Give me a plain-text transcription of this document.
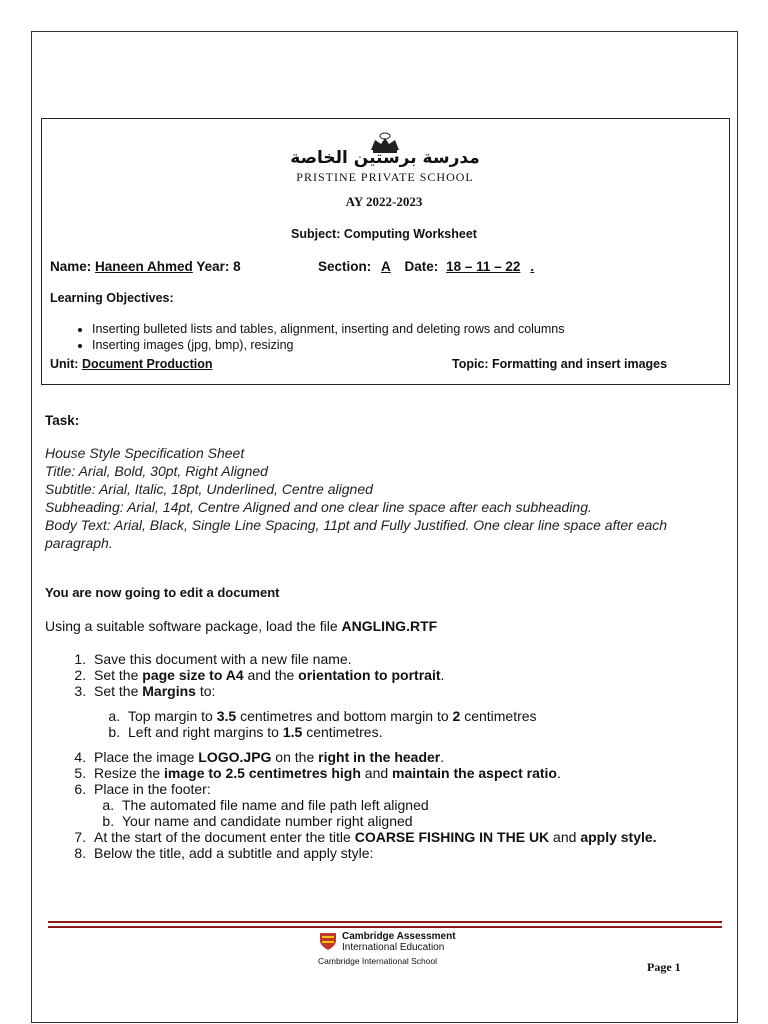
مدرسة برستين الخاصة
PRISTINE PRIVATE SCHOOL
AY 2022-2023
Subject: Computing Worksheet
Name: Haneen Ahmed Year: 8	Section: A Date: 18 – 11 – 22 .
Learning Objectives:
• Inserting bulleted lists and tables, alignment, inserting and deleting rows and columns
• Inserting images (jpg, bmp), resizing
Unit: Document Production	Topic: Formatting and insert images
Task:
House Style Specification Sheet
Title: Arial, Bold, 30pt, Right Aligned
Subtitle: Arial, Italic, 18pt, Underlined, Centre aligned
Subheading: Arial, 14pt, Centre Aligned and one clear line space after each subheading.
Body Text: Arial, Black, Single Line Spacing, 11pt and Fully Justified. One clear line space after each paragraph.
You are now going to edit a document
Using a suitable software package, load the file ANGLING.RTF
1. Save this document with a new file name.
2. Set the page size to A4 and the orientation to portrait.
3. Set the Margins to:
a. Top margin to 3.5 centimetres and bottom margin to 2 centimetres
b. Left and right margins to 1.5 centimetres.
4. Place the image LOGO.JPG on the right in the header.
5. Resize the image to 2.5 centimetres high and maintain the aspect ratio.
6. Place in the footer:
a. The automated file name and file path left aligned
b. Your name and candidate number right aligned
7. At the start of the document enter the title COARSE FISHING IN THE UK and apply style.
8. Below the title, add a subtitle and apply style:
Cambridge Assessment
International Education
Cambridge International School	Page 1
